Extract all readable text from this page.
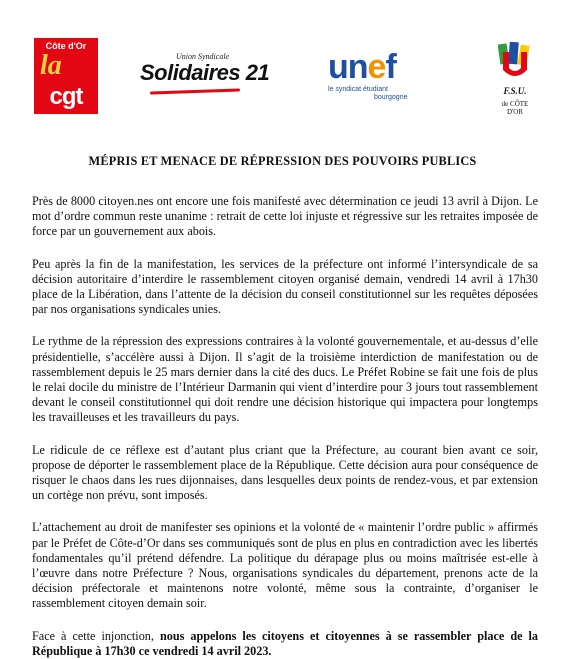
Côte d'Or
la
cgt
Union Syndicale
Solidaires 21 unef
le syndicat étudiant
bourgogne
F.S.U.
de CÔTE D'OR
MÉPRIS ET MENACE DE RÉPRESSION DES POUVOIRS PUBLICS

Près de 8000 citoyen.nes ont encore une fois manifesté avec détermination ce jeudi 13 avril à Dijon. Le mot d’ordre commun reste unanime : retrait de cette loi injuste et régressive sur les retraites imposée de force par un gouvernement aux abois.

Peu après la fin de la manifestation, les services de la préfecture ont informé l’intersyndicale de sa décision autoritaire d’interdire le rassemblement citoyen organisé demain, vendredi 14 avril à 17h30 place de la Libération, dans l’attente de la décision du conseil constitutionnel sur les requêtes déposées par nos organisations syndicales unies.

Le rythme de la répression des expressions contraires à la volonté gouvernementale, et au-dessus d’elle présidentielle, s’accélère aussi à Dijon. Il s’agit de la troisième interdiction de manifestation ou de rassemblement depuis le 25 mars dernier dans la cité des ducs. Le Préfet Robine se fait une fois de plus le relai docile du ministre de l’Intérieur Darmanin qui vient d’interdire pour 3 jours tout rassemblement devant le conseil constitutionnel qui doit rendre une décision historique qui impactera pour longtemps les travailleuses et les travailleurs du pays.

Le ridicule de ce réflexe est d’autant plus criant que la Préfecture, au courant bien avant ce soir, propose de déporter le rassemblement place de la République. Cette décision aura pour conséquence de risquer le chaos dans les rues dijonnaises, dans lesquelles deux points de rendez-vous, et par extension un cortège non prévu, sont imposés.

L’attachement au droit de manifester ses opinions et la volonté de « maintenir l’ordre public » affirmés par le Préfet de Côte-d’Or dans ses communiqués sont de plus en plus en contradiction avec les libertés fondamentales qu’il prétend défendre. La politique du dérapage plus ou moins maîtrisée est-elle à l’œuvre dans notre Préfecture ? Nous, organisations syndicales du département, prenons acte de la décision préfectorale et maintenons notre volonté, même sous la contrainte, d’organiser le rassemblement citoyen demain soir.

Face à cette injonction, nous appelons les citoyens et citoyennes à se rassembler place de la République à 17h30 ce vendredi 14 avril 2023.
